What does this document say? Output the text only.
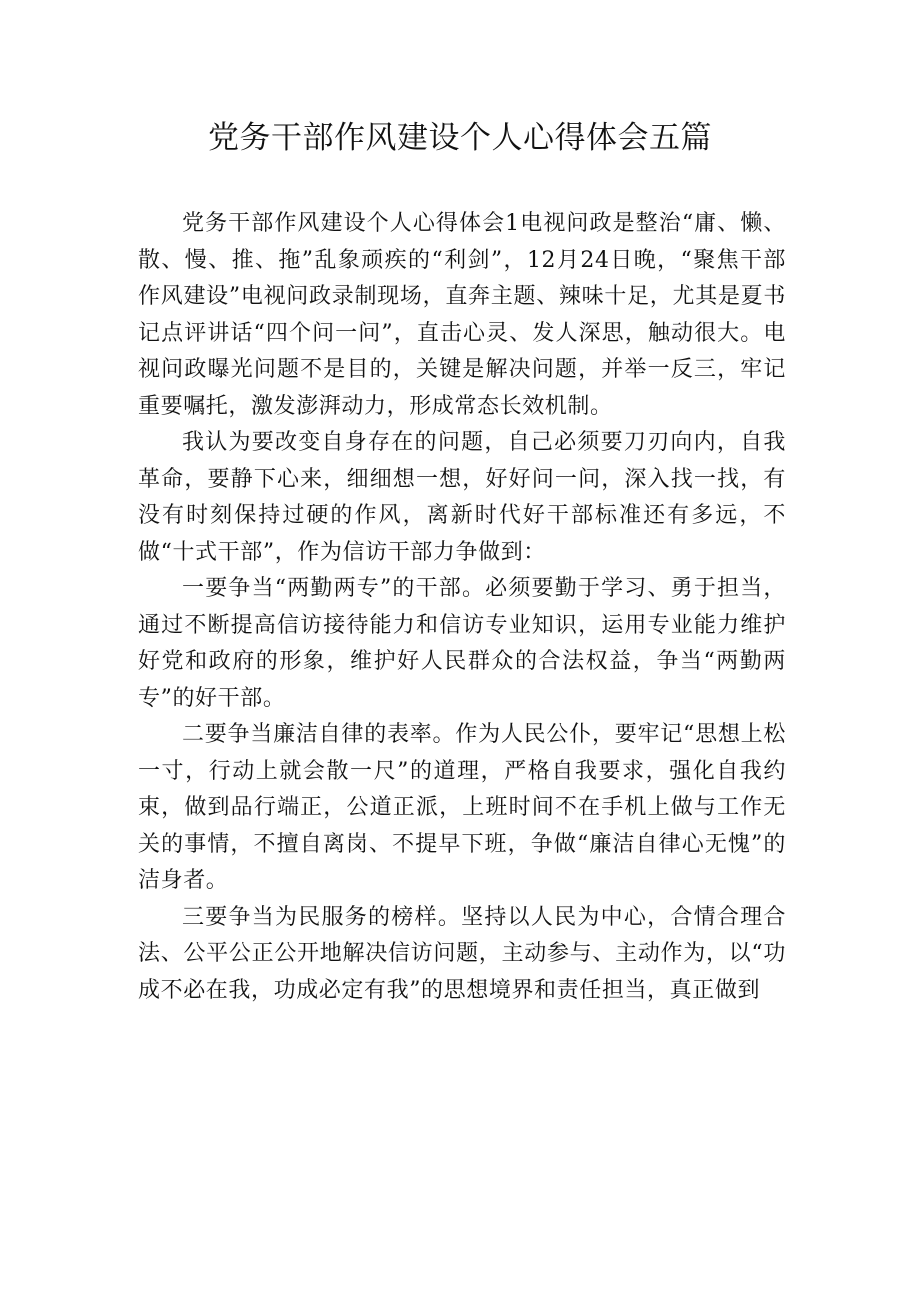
党务干部作风建设个人心得体会五篇

党务干部作风建设个人心得体会1电视问政是整治“庸、懒、散、慢、推、拖”乱象顽疾的“利剑”，12月24日晚，“聚焦干部作风建设”电视问政录制现场，直奔主题、辣味十足，尤其是夏书记点评讲话“四个问一问”，直击心灵、发人深思，触动很大。电视问政曝光问题不是目的，关键是解决问题，并举一反三，牢记重要嘱托，激发澎湃动力，形成常态长效机制。

我认为要改变自身存在的问题，自己必须要刀刃向内，自我革命，要静下心来，细细想一想，好好问一问，深入找一找，有没有时刻保持过硬的作风，离新时代好干部标准还有多远，不做“十式干部”，作为信访干部力争做到：

一要争当“两勤两专”的干部。必须要勤于学习、勇于担当，通过不断提高信访接待能力和信访专业知识，运用专业能力维护好党和政府的形象，维护好人民群众的合法权益，争当“两勤两专”的好干部。

二要争当廉洁自律的表率。作为人民公仆，要牢记“思想上松一寸，行动上就会散一尺”的道理，严格自我要求，强化自我约束，做到品行端正，公道正派，上班时间不在手机上做与工作无关的事情，不擅自离岗、不提早下班，争做“廉洁自律心无愧”的洁身者。

三要争当为民服务的榜样。坚持以人民为中心，合情合理合法、公平公正公开地解决信访问题，主动参与、主动作为，以“功成不必在我，功成必定有我”的思想境界和责任担当，真正做到
